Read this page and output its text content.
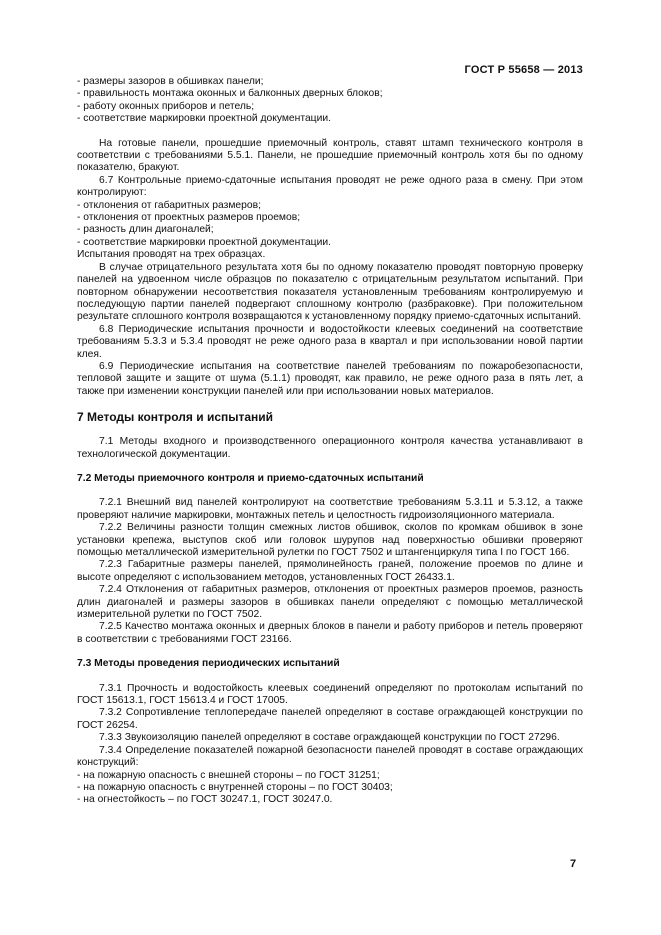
ГОСТ Р 55658 — 2013

- размеры зазоров в обшивках панели;

- правильность монтажа оконных и балконных дверных блоков;

- работу оконных приборов и петель;

- соответствие маркировки проектной документации.

На готовые панели, прошедшие приемочный контроль, ставят штамп технического контроля в соответствии с требованиями 5.5.1. Панели, не прошедшие приемочный контроль хотя бы по одному показателю, бракуют.

6.7 Контрольные приемо-сдаточные испытания проводят не реже одного раза в смену. При этом контролируют:

- отклонения от габаритных размеров;

- отклонения от проектных размеров проемов;

- разность длин диагоналей;

- соответствие маркировки проектной документации.

Испытания проводят на трех образцах.

В случае отрицательного результата хотя бы по одному показателю проводят повторную проверку панелей на удвоенном числе образцов по показателю с отрицательным результатом испытаний. При повторном обнаружении несоответствия показателя установленным требованиям контролируемую и последующую партии панелей подвергают сплошному контролю (разбраковке). При положительном результате сплошного контроля возвращаются к установленному порядку приемо-сдаточных испытаний.

6.8 Периодические испытания прочности и водостойкости клеевых соединений на соответствие требованиям 5.3.3 и 5.3.4 проводят не реже одного раза в квартал и при использовании новой партии клея.

6.9 Периодические испытания на соответствие панелей требованиям по пожаробезопасности, тепловой защите и защите от шума (5.1.1) проводят, как правило, не реже одного раза в пять лет, а также при изменении конструкции панелей или при использовании новых материалов.

7 Методы контроля и испытаний

7.1 Методы входного и производственного операционного контроля качества устанавливают в технологической документации.

7.2 Методы приемочного контроля и приемо-сдаточных испытаний

7.2.1 Внешний вид панелей контролируют на соответствие требованиям 5.3.11 и 5.3.12, а также проверяют наличие маркировки, монтажных петель и целостность гидроизоляционного материала.

7.2.2 Величины разности толщин смежных листов обшивок, сколов по кромкам обшивок в зоне установки крепежа, выступов скоб или головок шурупов над поверхностью обшивки проверяют помощью металлической измерительной рулетки по ГОСТ 7502 и штангенциркуля типа I по ГОСТ 166.

7.2.3 Габаритные размеры панелей, прямолинейность граней, положение проемов по длине и высоте определяют с использованием методов, установленных ГОСТ 26433.1.

7.2.4 Отклонения от габаритных размеров, отклонения от проектных размеров проемов, разность длин диагоналей и размеры зазоров в обшивках панели определяют с помощью металлической измерительной рулетки по ГОСТ 7502.

7.2.5 Качество монтажа оконных и дверных блоков в панели и работу приборов и петель проверяют в соответствии с требованиями ГОСТ 23166.

7.3 Методы проведения периодических испытаний

7.3.1 Прочность и водостойкость клеевых соединений определяют по протоколам испытаний по ГОСТ 15613.1, ГОСТ 15613.4 и ГОСТ 17005.

7.3.2 Сопротивление теплопередаче панелей определяют в составе ограждающей конструкции по ГОСТ 26254.

7.3.3 Звукоизоляцию панелей определяют в составе ограждающей конструкции по ГОСТ 27296.

7.3.4 Определение показателей пожарной безопасности панелей проводят в составе ограждающих конструкций:

- на пожарную опасность с внешней стороны – по ГОСТ 31251;

- на пожарную опасность с внутренней стороны – по ГОСТ 30403;

- на огнестойкость – по ГОСТ 30247.1, ГОСТ 30247.0.

7
